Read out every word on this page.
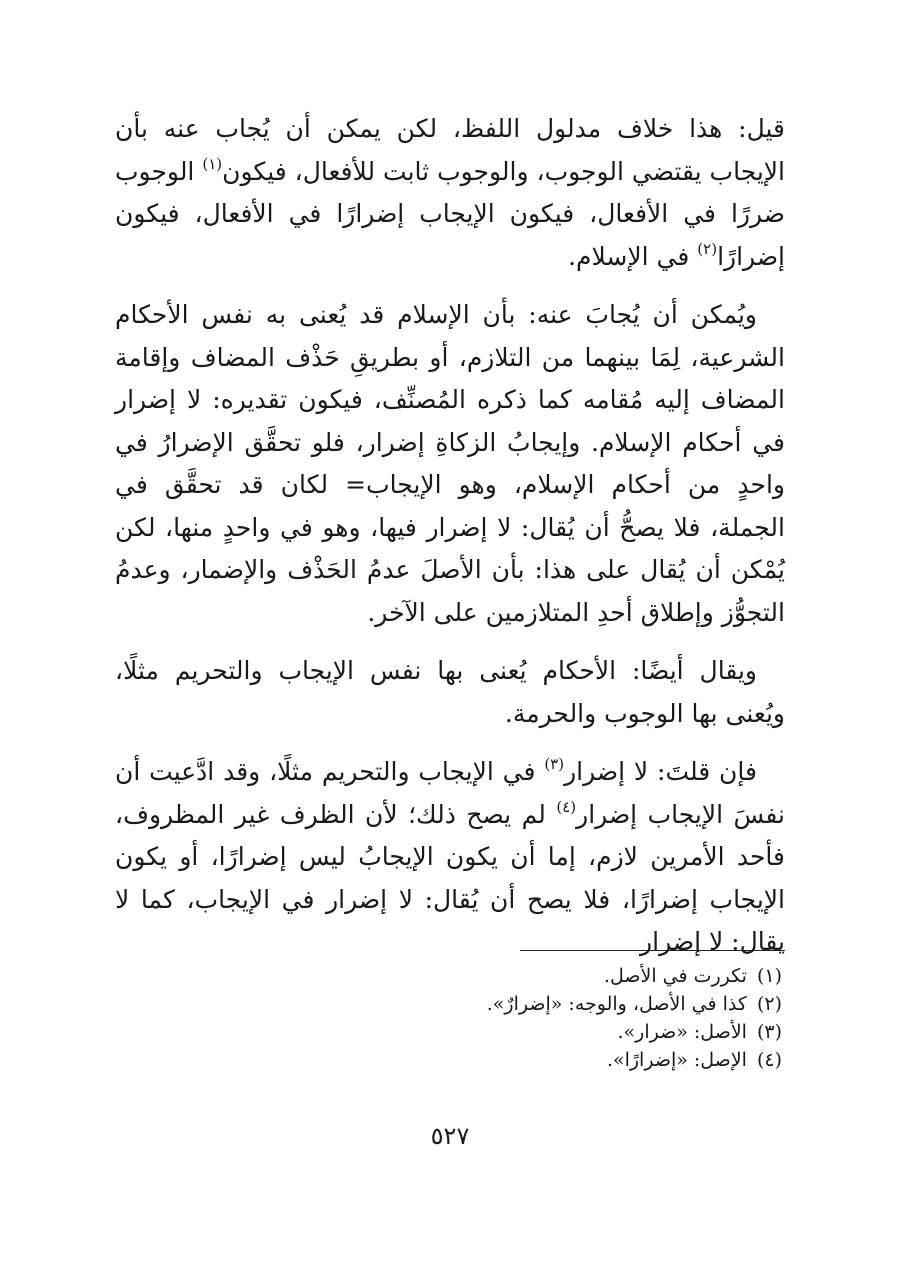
قيل: هذا خلاف مدلول اللفظ، لكن يمكن أن يُجاب عنه بأن الإيجاب يقتضي الوجوب، والوجوب ثابت للأفعال، فيكون$^{(١)}$ الوجوب ضررًا في الأفعال، فيكون الإيجاب إضرارًا في الأفعال، فيكون إضرارًا$^{(٢)}$ في الإسلام.

ويُمكن أن يُجابَ عنه: بأن الإسلام قد يُعنى به نفس الأحكام الشرعية، لِمَا بينهما من التلازم، أو بطريقِ حَذْف المضاف وإقامة المضاف إليه مُقامه كما ذكره المُصنِّف، فيكون تقديره: لا إضرار في أحكام الإسلام. وإيجابُ الزكاةِ إضرار، فلو تحقَّق الإضرارُ في واحدٍ من أحكام الإسلام، وهو الإيجاب= لكان قد تحقَّق في الجملة، فلا يصحُّ أن يُقال: لا إضرار فيها، وهو في واحدٍ منها، لكن يُمْكن أن يُقال على هذا: بأن الأصلَ عدمُ الحَذْف والإضمار، وعدمُ التجوُّز وإطلاق أحدِ المتلازمين على الآخر.

ويقال أيضًا: الأحكام يُعنى بها نفس الإيجاب والتحريم مثلًا، ويُعنى بها الوجوب والحرمة.

فإن قلتَ: لا إضرار$^{(٣)}$ في الإيجاب والتحريم مثلًا، وقد ادَّعيت أن نفسَ الإيجاب إضرار$^{(٤)}$ لم يصح ذلك؛ لأن الظرف غير المظروف، فأحد الأمرين لازم، إما أن يكون الإيجابُ ليس إضرارًا، أو يكون الإيجاب إضرارًا، فلا يصح أن يُقال: لا إضرار في الإيجاب، كما لا يقال: لا إضرار

(١)تكررت في الأصل.

(٢)كذا في الأصل، والوجه: «إضرارٌ».

(٣)الأصل: «ضرار».

(٤)الإصل: «إضرارًا».

٥٢٧
